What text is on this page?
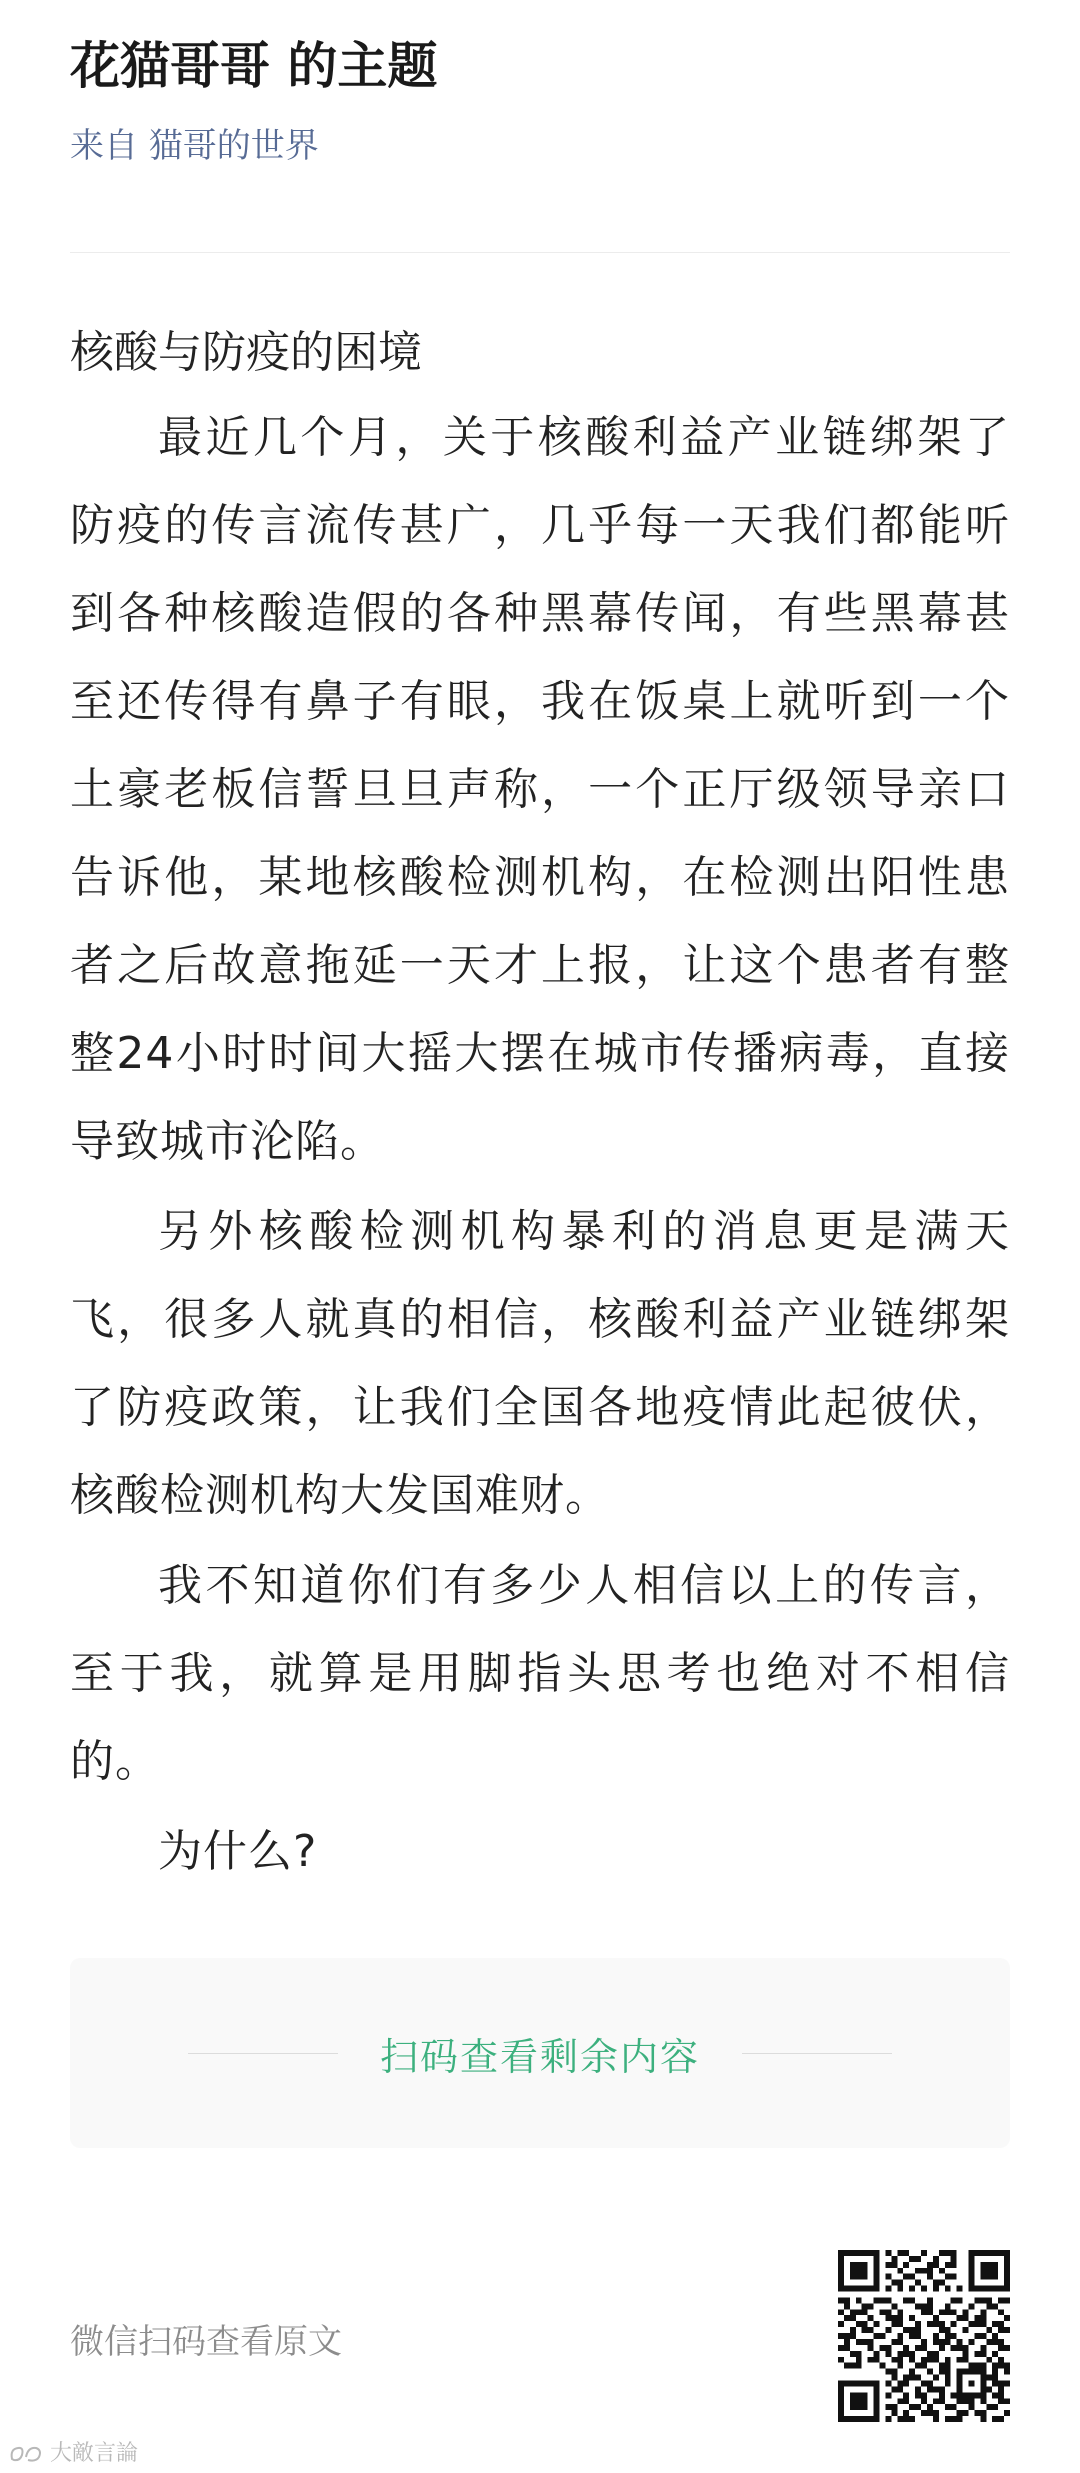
花猫哥哥 的主题
来自 猫哥的世界
核酸与防疫的困境

最近几个月，关于核酸利益产业链绑架了防疫的传言流传甚广，几乎每一天我们都能听到各种核酸造假的各种黑幕传闻，有些黑幕甚至还传得有鼻子有眼，我在饭桌上就听到一个土豪老板信誓旦旦声称，一个正厅级领导亲口告诉他，某地核酸检测机构，在检测出阳性患者之后故意拖延一天才上报，让这个患者有整整24小时时间大摇大摆在城市传播病毒，直接导致城市沦陷。

另外核酸检测机构暴利的消息更是满天飞，很多人就真的相信，核酸利益产业链绑架了防疫政策，让我们全国各地疫情此起彼伏，核酸检测机构大发国难财。

我不知道你们有多少人相信以上的传言，至于我，就算是用脚指头思考也绝对不相信的。

为什么?

扫码查看剩余内容
微信扫码查看原文
大敵言論
